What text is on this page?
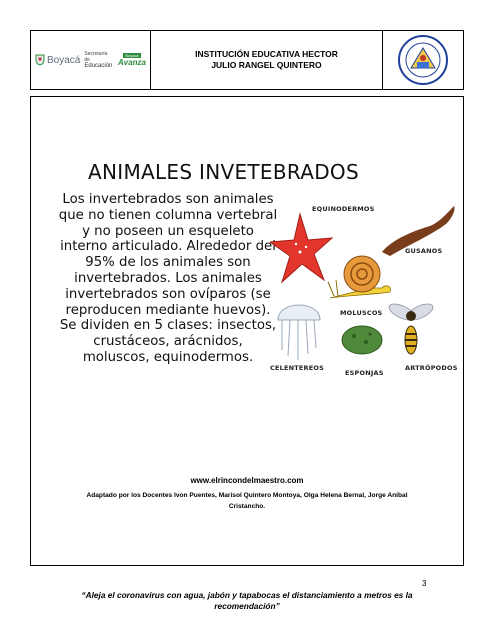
Boyacá
Secretaría de
Educación
Boyacá
Avanza
INSTITUCIÓN EDUCATIVA HECTOR
JULIO RANGEL QUINTERO
ANIMALES INVETEBRADOS
Los invertebrados son animales que no tienen columna vertebral y no poseen un esqueleto interno articulado. Alrededor del 95% de los animales son invertebrados. Los animales invertebrados son ovíparos (se reproducen mediante huevos). Se dividen en 5 clases: insectos, crustáceos, arácnidos, moluscos, equinodermos.
EQUINODERMOS
GUSANOS
MOLUSCOS
CELENTEREOS
ESPONJAS
ARTRÓPODOS
www.elrincondelmaestro.com
Adaptado por los Docentes Ivon Puentes, Marisol Quintero Montoya, Olga Helena Bernal, Jorge Aníbal Cristancho.
3
“Aleja el coronavirus con agua, jabón y tapabocas el distanciamiento a metros es la recomendación”
